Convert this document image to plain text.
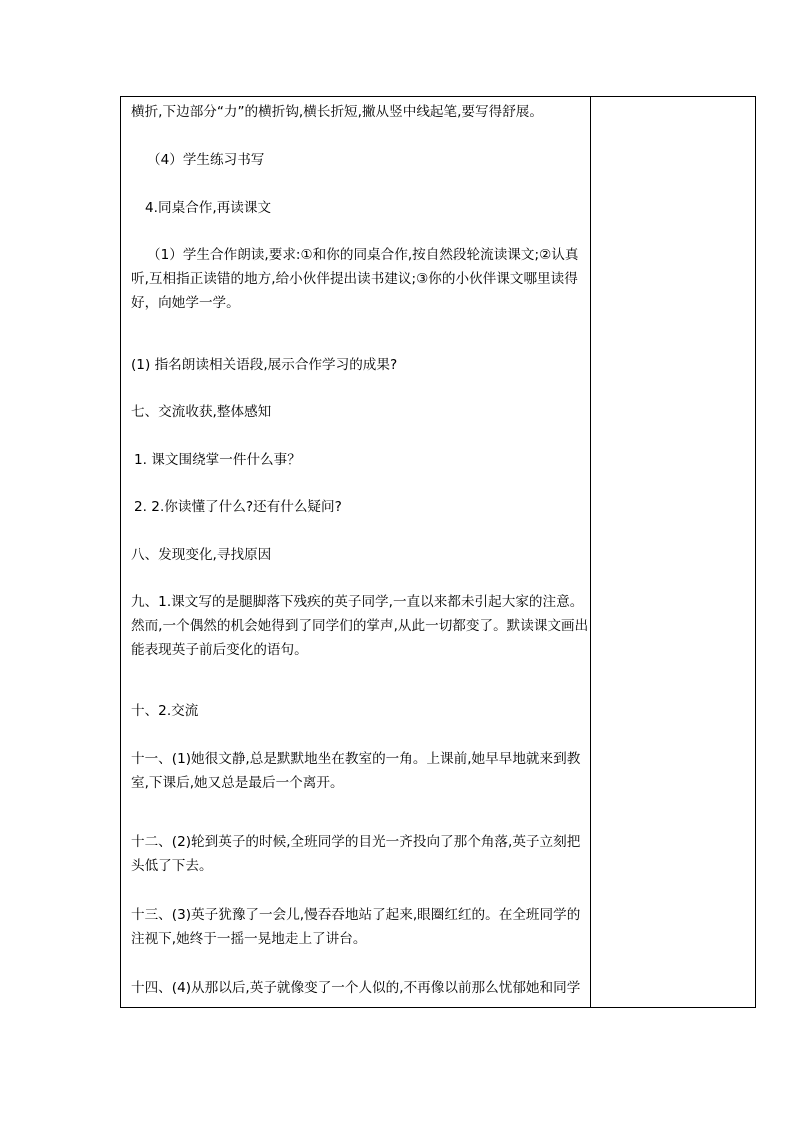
横折,下边部分“力”的横折钩,横长折短,撇从竖中线起笔,要写得舒展。

（4）学生练习书写

4.同桌合作,再读课文

（1）学生合作朗读,要求:①和你的同桌合作,按自然段轮流读课文;②认真听,互相指正读错的地方,给小伙伴提出读书建议;③你的小伙伴课文哪里读得好，向她学一学。

(1) 指名朗读相关语段,展示合作学习的成果?

七、交流收获,整体感知

1. 课文围绕掌一件什么事？

2. 2.你读懂了什么?还有什么疑问?

八、发现变化,寻找原因

九、1.课文写的是腿脚落下残疾的英子同学,一直以来都未引起大家的注意。然而,一个偶然的机会她得到了同学们的掌声,从此一切都变了。默读课文画出能表现英子前后变化的语句。

十、2.交流

十一、(1)她很文静,总是默默地坐在教室的一角。上课前,她早早地就来到教室,下课后,她又总是最后一个离开。

十二、(2)轮到英子的时候,全班同学的目光一齐投向了那个角落,英子立刻把头低了下去。

十三、(3)英子犹豫了一会儿,慢吞吞地站了起来,眼圈红红的。在全班同学的注视下,她终于一摇一晃地走上了讲台。

十四、(4)从那以后,英子就像变了一个人似的,不再像以前那么忧郁她和同学
